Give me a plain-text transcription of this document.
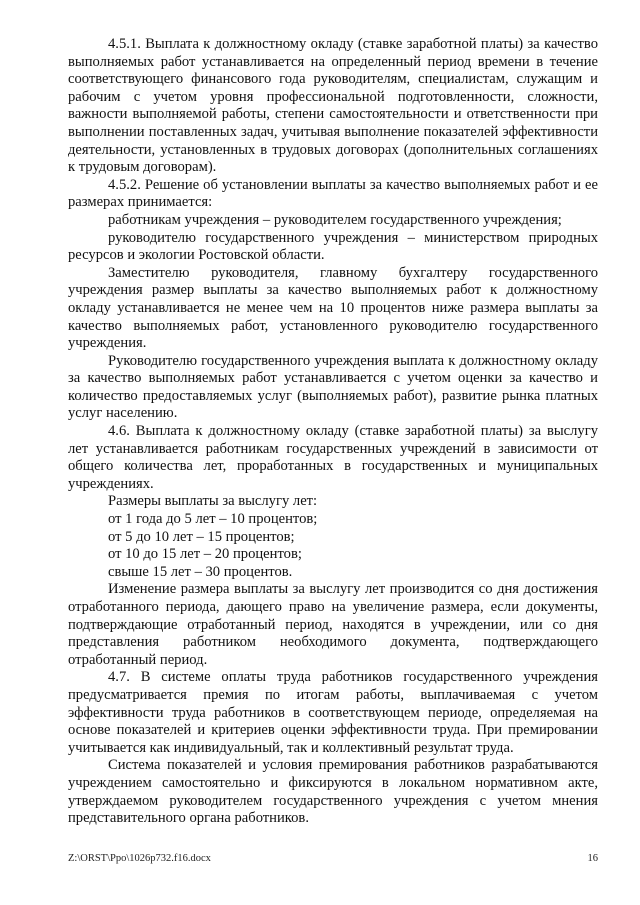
4.5.1. Выплата к должностному окладу (ставке заработной платы) за качество выполняемых работ устанавливается на определенный период времени в течение соответствующего финансового года руководителям, специалистам, служащим и рабочим с учетом уровня профессиональной подготовленности, сложности, важности выполняемой работы, степени самостоятельности и ответственности при выполнении поставленных задач, учитывая выполнение показателей эффективности деятельности, установленных в трудовых договорах (дополнительных соглашениях к трудовым договорам).

4.5.2. Решение об установлении выплаты за качество выполняемых работ и ее размерах принимается:

работникам учреждения – руководителем государственного учреждения;

руководителю государственного учреждения – министерством природных ресурсов и экологии Ростовской области.

Заместителю руководителя, главному бухгалтеру государственного учреждения размер выплаты за качество выполняемых работ к должностному окладу устанавливается не менее чем на 10 процентов ниже размера выплаты за качество выполняемых работ, установленного руководителю государственного учреждения.

Руководителю государственного учреждения выплата к должностному окладу за качество выполняемых работ устанавливается с учетом оценки за качество и количество предоставляемых услуг (выполняемых работ), развитие рынка платных услуг населению.

4.6. Выплата к должностному окладу (ставке заработной платы) за выслугу лет устанавливается работникам государственных учреждений в зависимости от общего количества лет, проработанных в государственных и муниципальных учреждениях.

Размеры выплаты за выслугу лет:

от 1 года до 5 лет – 10 процентов;

от 5 до 10 лет – 15 процентов;

от 10 до 15 лет – 20 процентов;

свыше 15 лет – 30 процентов.

Изменение размера выплаты за выслугу лет производится со дня достижения отработанного периода, дающего право на увеличение размера, если документы, подтверждающие отработанный период, находятся в учреждении, или со дня представления работником необходимого документа, подтверждающего отработанный период.

4.7. В системе оплаты труда работников государственного учреждения предусматривается премия по итогам работы, выплачиваемая с учетом эффективности труда работников в соответствующем периоде, определяемая на основе показателей и критериев оценки эффективности труда. При премировании учитывается как индивидуальный, так и коллективный результат труда.

Система показателей и условия премирования работников разрабатываются учреждением самостоятельно и фиксируются в локальном нормативном акте, утверждаемом руководителем государственного учреждения с учетом мнения представительного органа работников.

Z:\ORST\Ppo\1026p732.f16.docx	16
